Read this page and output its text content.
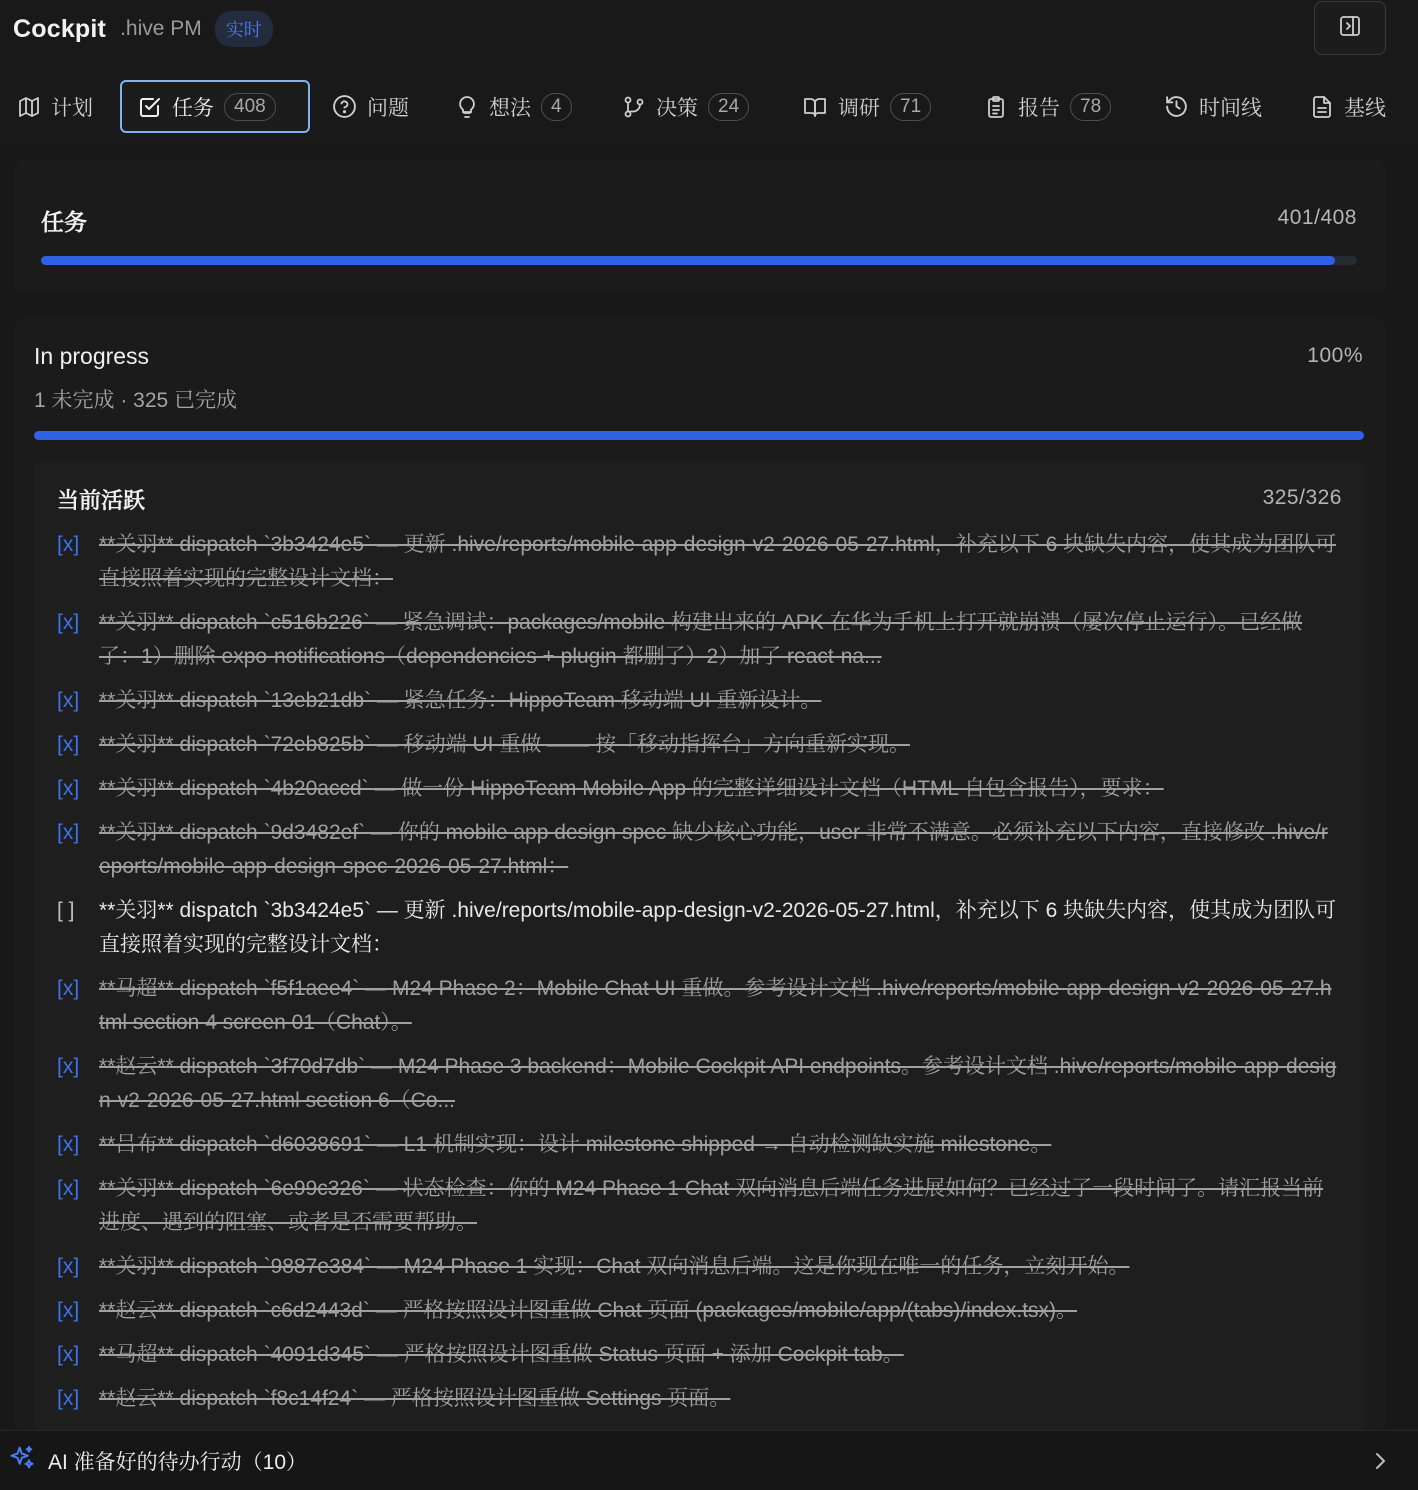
Cockpit .hive PM	实时
计划	任务	408	问题	想法	4	决策	24	调研	71	报告	78	时间线	基线
任务	401/408
In progress
1 未完成 · 325 已完成
100%
当前活跃	325/326
[x] **关羽** dispatch `3b3424e5` — 更新 .hive/reports/mobile-app-design-v2-2026-05-27.html，补充以下 6 块缺失内容，使其成为团队可直接照着实现的完整设计文档：
[x] **关羽** dispatch `c516b226` — 紧急调试：packages/mobile 构建出来的 APK 在华为手机上打开就崩溃（屡次停止运行）。已经做了：1）删除 expo-notifications（dependencies + plugin 都删了）2）加了 react-na...
[x] **关羽** dispatch `13eb21db` — 紧急任务：HippoTeam 移动端 UI 重新设计。
[x] **关羽** dispatch `72eb825b` — 移动端 UI 重做 —— 按「移动指挥台」方向重新实现。
[x] **关羽** dispatch `4b20accd` — 做一份 HippoTeam Mobile App 的完整详细设计文档（HTML 自包含报告），要求：
[x] **关羽** dispatch `9d3482ef` — 你的 mobile app design spec 缺少核心功能，user 非常不满意。必须补充以下内容，直接修改 .hive/reports/mobile-app-design-spec-2026-05-27.html：
[ ]	**关羽** dispatch `3b3424e5` — 更新 .hive/reports/mobile-app-design-v2-2026-05-27.html，补充以下 6 块缺失内容，使其成为团队可直接照着实现的完整设计文档：
[x] **马超** dispatch `f5f1aee4` — M24 Phase 2：Mobile Chat UI 重做。参考设计文档 .hive/reports/mobile-app-design-v2-2026-05-27.html section 4 screen 01（Chat）。
[x] **赵云** dispatch `3f70d7db` — M24 Phase 3 backend：Mobile Cockpit API endpoints。参考设计文档 .hive/reports/mobile-app-design-v2-2026-05-27.html section 6（Co...
[x] **吕布** dispatch `d6038691` — L1 机制实现：设计 milestone shipped → 自动检测缺实施 milestone。
[x] **关羽** dispatch `6e99c326` — 状态检查：你的 M24 Phase 1 Chat 双向消息后端任务进展如何？已经过了一段时间了。请汇报当前进度、遇到的阻塞、或者是否需要帮助。
[x] **关羽** dispatch `9887e384` — M24 Phase 1 实现：Chat 双向消息后端。这是你现在唯一的任务，立刻开始。
[x] **赵云** dispatch `c6d2443d` — 严格按照设计图重做 Chat 页面 (packages/mobile/app/(tabs)/index.tsx)。
[x] **马超** dispatch `4091d345` — 严格按照设计图重做 Status 页面 + 添加 Cockpit tab。
[x] **赵云** dispatch `f8c14f24` — 严格按照设计图重做 Settings 页面。
AI 准备好的待办行动（10）
